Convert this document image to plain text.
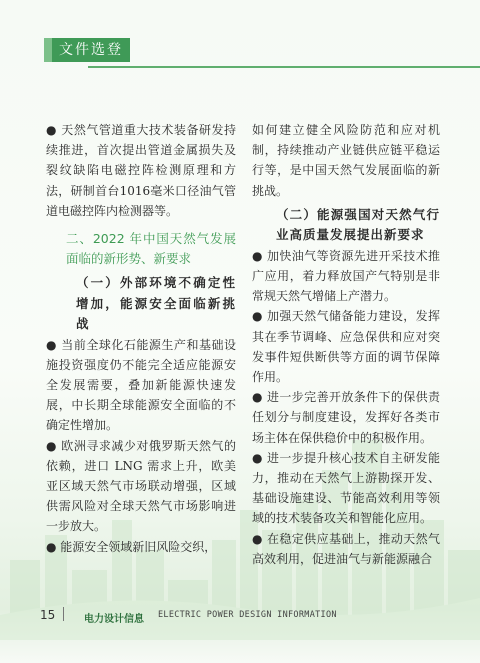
文件选登

● 天然气管道重大技术装备研发持续推进，首次提出管道金属损失及裂纹缺陷电磁控阵检测原理和方法，研制首台1016毫米口径油气管道电磁控阵内检测器等。

二、2022 年中国天然气发展面临的新形势、新要求

（一）外部环境不确定性增加，能源安全面临新挑战

● 当前全球化石能源生产和基础设施投资强度仍不能完全适应能源安全发展需要，叠加新能源快速发展，中长期全球能源安全面临的不确定性增加。

● 欧洲寻求减少对俄罗斯天然气的依赖，进口 LNG 需求上升，欧美亚区域天然气市场联动增强，区域供需风险对全球天然气市场影响进一步放大。

● 能源安全领域新旧风险交织，

如何建立健全风险防范和应对机制，持续推动产业链供应链平稳运行等，是中国天然气发展面临的新挑战。

（二）能源强国对天然气行业高质量发展提出新要求

● 加快油气等资源先进开采技术推广应用，着力释放国产气特别是非常规天然气增储上产潜力。

● 加强天然气储备能力建设，发挥其在季节调峰、应急保供和应对突发事件短供断供等方面的调节保障作用。

● 进一步完善开放条件下的保供责任划分与制度建设，发挥好各类市场主体在保供稳价中的积极作用。

● 进一步提升核心技术自主研发能力，推动在天然气上游勘探开发、基础设施建设、节能高效利用等领域的技术装备攻关和智能化应用。

● 在稳定供应基础上，推动天然气高效利用，促进油气与新能源融合

15	电力设计信息 ELECTRIC POWER DESIGN INFORMATION
